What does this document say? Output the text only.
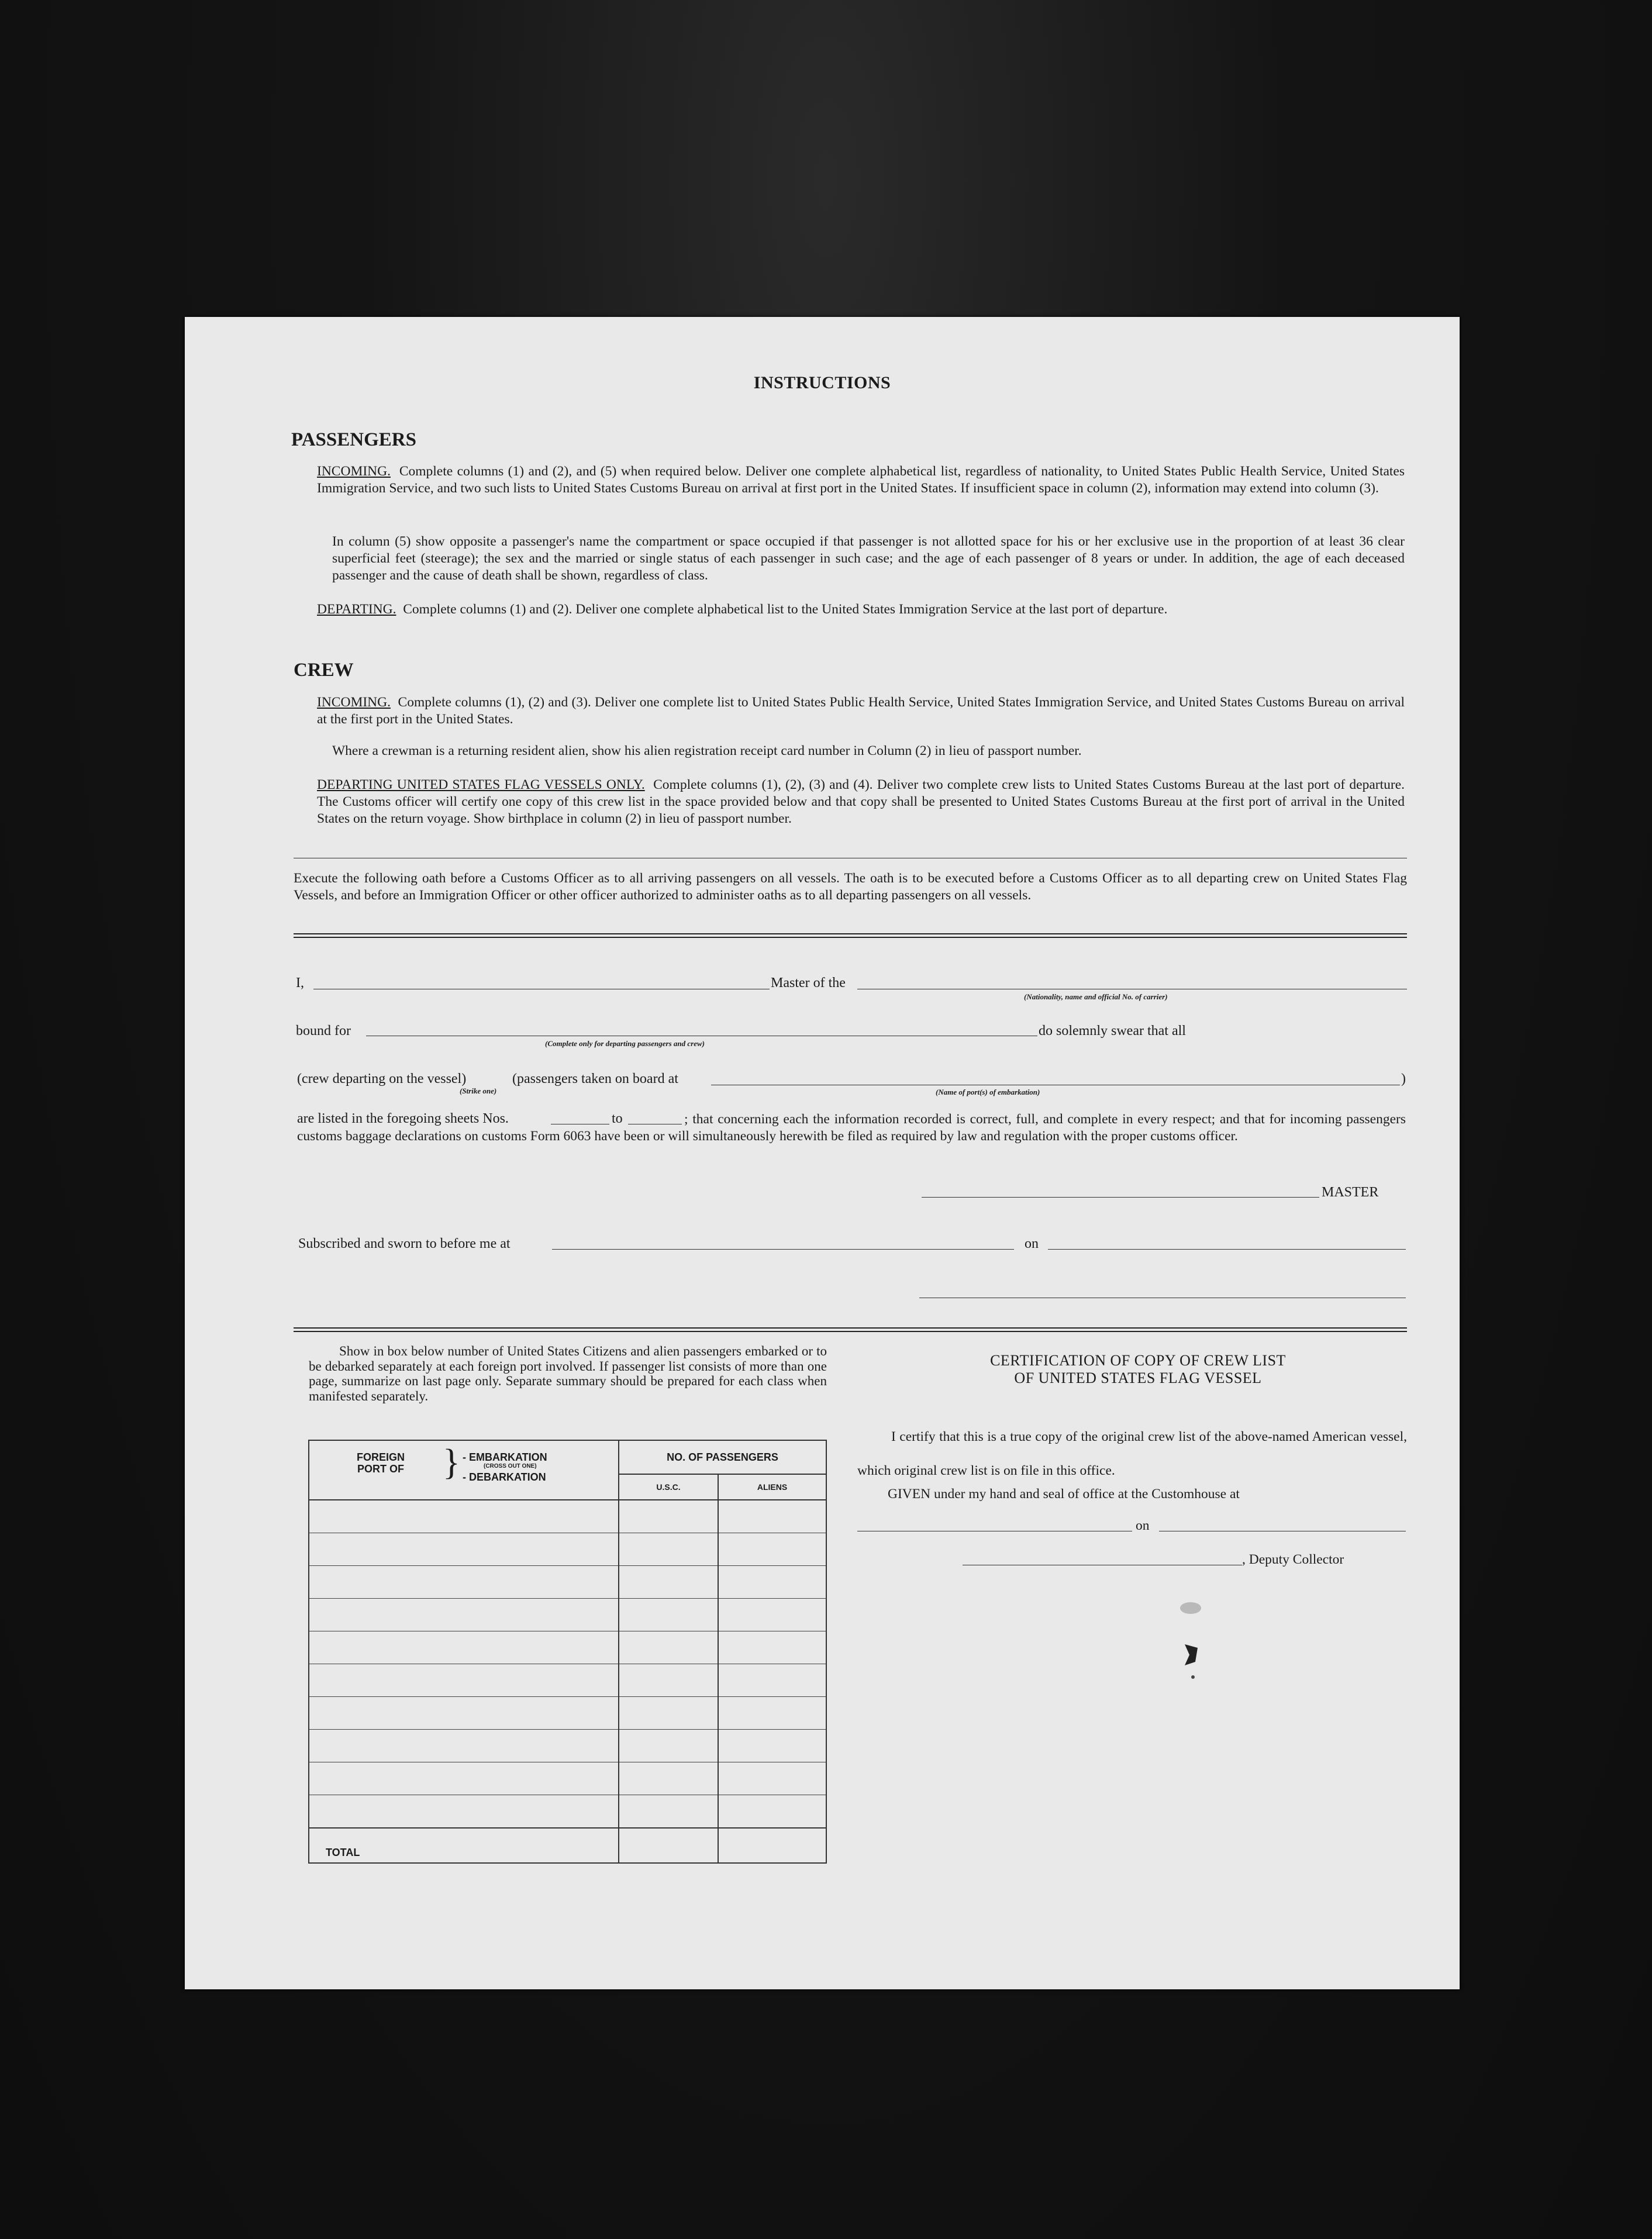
INSTRUCTIONS
PASSENGERS
INCOMING. Complete columns (1) and (2), and (5) when required below. Deliver one complete alphabetical list, regardless of nationality, to United States Public Health Service, United States Immigration Service, and two such lists to United States Customs Bureau on arrival at first port in the United States. If insufficient space in column (2), information may extend into column (3).
In column (5) show opposite a passenger's name the compartment or space occupied if that passenger is not allotted space for his or her exclusive use in the proportion of at least 36 clear superficial feet (steerage); the sex and the married or single status of each passenger in such case; and the age of each passenger of 8 years or under. In addition, the age of each deceased passenger and the cause of death shall be shown, regardless of class.
DEPARTING. Complete columns (1) and (2). Deliver one complete alphabetical list to the United States Immigration Service at the last port of departure.
CREW
INCOMING. Complete columns (1), (2) and (3). Deliver one complete list to United States Public Health Service, United States Immigration Service, and United States Customs Bureau on arrival at the first port in the United States.
Where a crewman is a returning resident alien, show his alien registration receipt card number in Column (2) in lieu of passport number.
DEPARTING UNITED STATES FLAG VESSELS ONLY. Complete columns (1), (2), (3) and (4). Deliver two complete crew lists to United States Customs Bureau at the last port of departure. The Customs officer will certify one copy of this crew list in the space provided below and that copy shall be presented to United States Customs Bureau at the first port of arrival in the United States on the return voyage. Show birthplace in column (2) in lieu of passport number.
Execute the following oath before a Customs Officer as to all arriving passengers on all vessels. The oath is to be executed before a Customs Officer as to all departing crew on United States Flag Vessels, and before an Immigration Officer or other officer authorized to administer oaths as to all departing passengers on all vessels.
I,	Master of the
(Nationality, name and official No. of carrier)
bound for
(Complete only for departing passengers and crew)
do solemnly swear that all
(crew departing on the vessel)
(Strike one)
(passengers taken on board at
(Name of port(s) of embarkation)
)
are listed in the foregoing sheets Nos.	to	; that concerning each the information recorded is correct, full, and complete in every respect; and that for incoming passengers customs baggage declarations on customs Form 6063 have been or will simultaneously herewith be filed as required by law and regulation with the proper customs officer.
MASTER
Subscribed and sworn to before me at	on
Show in box below number of United States Citizens and alien passengers embarked or to be debarked separately at each foreign port involved. If passenger list consists of more than one page, summarize on last page only. Separate summary should be prepared for each class when manifested separately.
FOREIGN PORT OF } - EMBARKATION
(CROSS OUT ONE)
- DEBARKATION	NO. OF PASSENGERS	
	U.S.C.	ALIENS

TOTAL		
CERTIFICATION OF COPY OF CREW LIST
OF UNITED STATES FLAG VESSEL
I certify that this is a true copy of the original crew list of the above-named American vessel, which original crew list is on file in this office.
GIVEN under my hand and seal of office at the Customhouse at
on
, Deputy Collector
